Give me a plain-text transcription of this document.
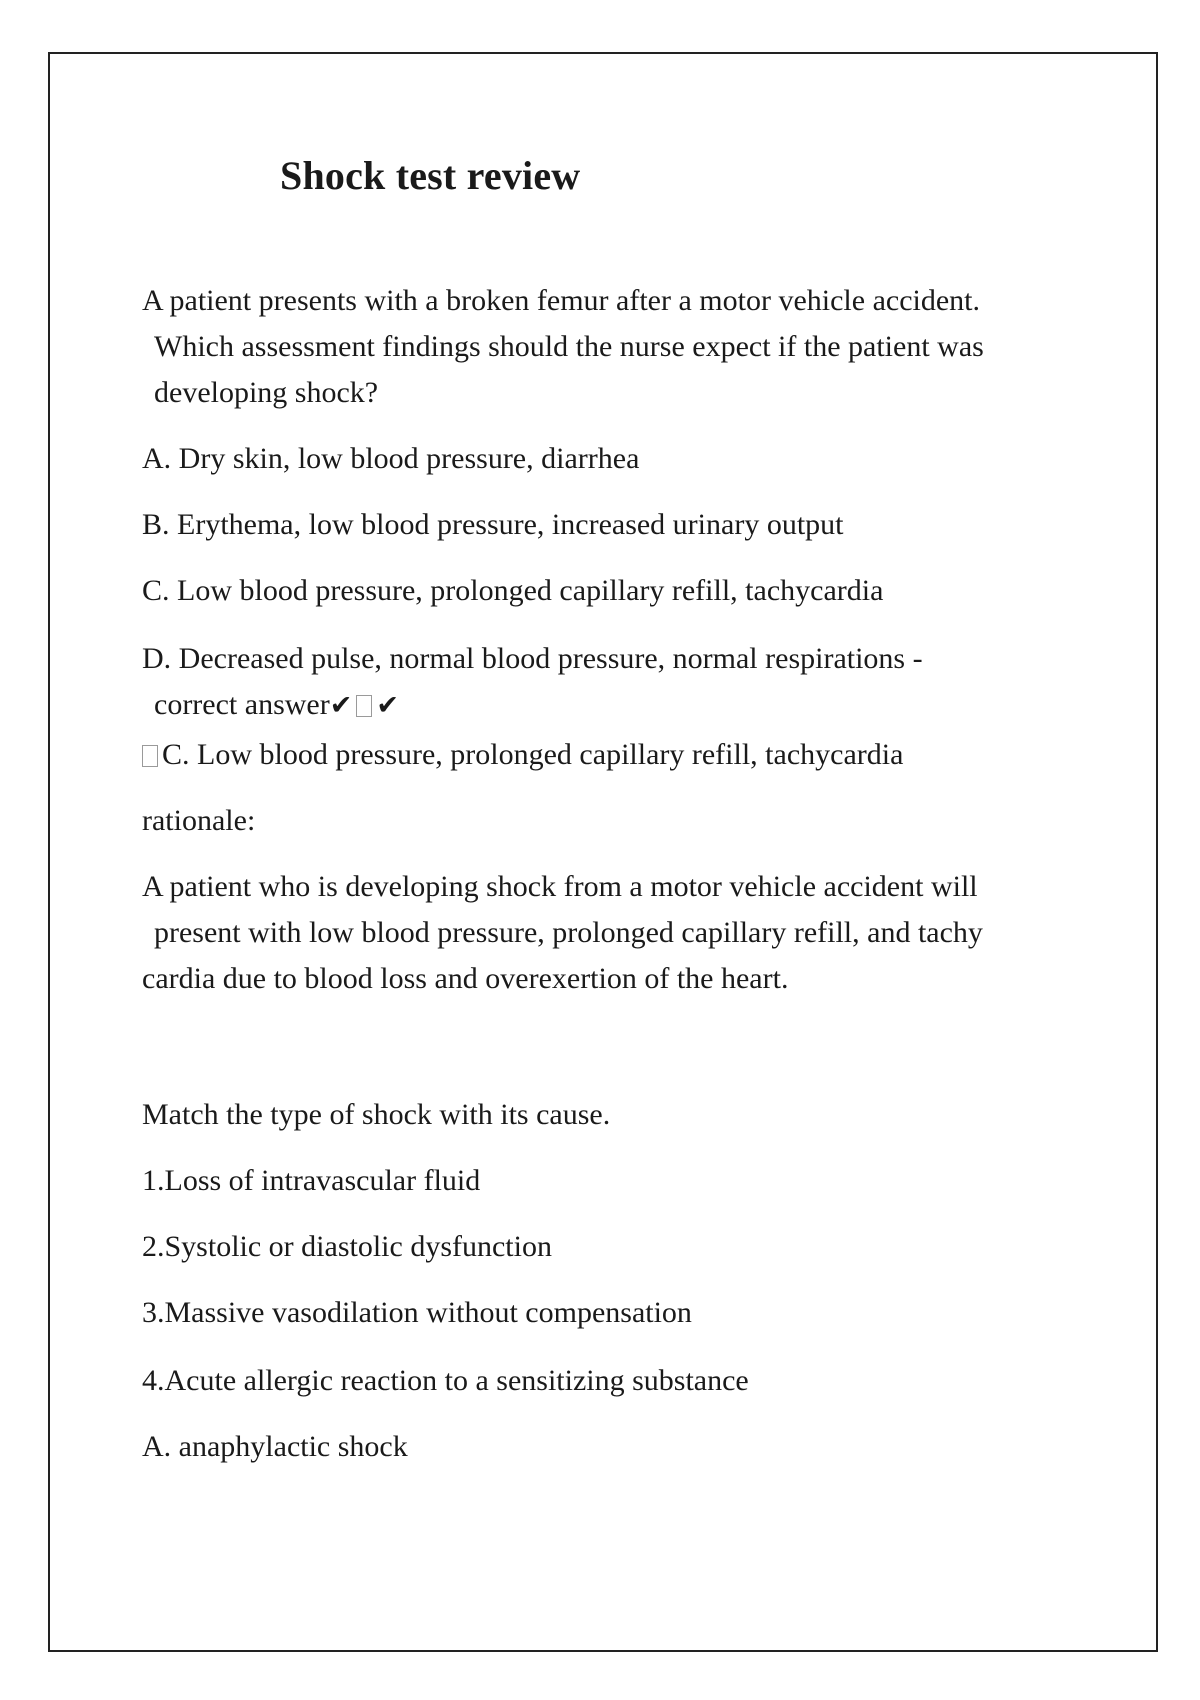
Shock test review
A patient presents with a broken femur after a motor vehicle accident.
Which assessment findings should the nurse expect if the patient was
developing shock?
A. Dry skin, low blood pressure, diarrhea
B. Erythema, low blood pressure, increased urinary output
C. Low blood pressure, prolonged capillary refill, tachycardia
D. Decreased pulse, normal blood pressure, normal respirations -
correct answer✔ ✔
C. Low blood pressure, prolonged capillary refill, tachycardia
rationale:
A patient who is developing shock from a motor vehicle accident will
present with low blood pressure, prolonged capillary refill, and tachy
cardia due to blood loss and overexertion of the heart.
Match the type of shock with its cause.
1.Loss of intravascular fluid
2.Systolic or diastolic dysfunction
3.Massive vasodilation without compensation
4.Acute allergic reaction to a sensitizing substance
A. anaphylactic shock
